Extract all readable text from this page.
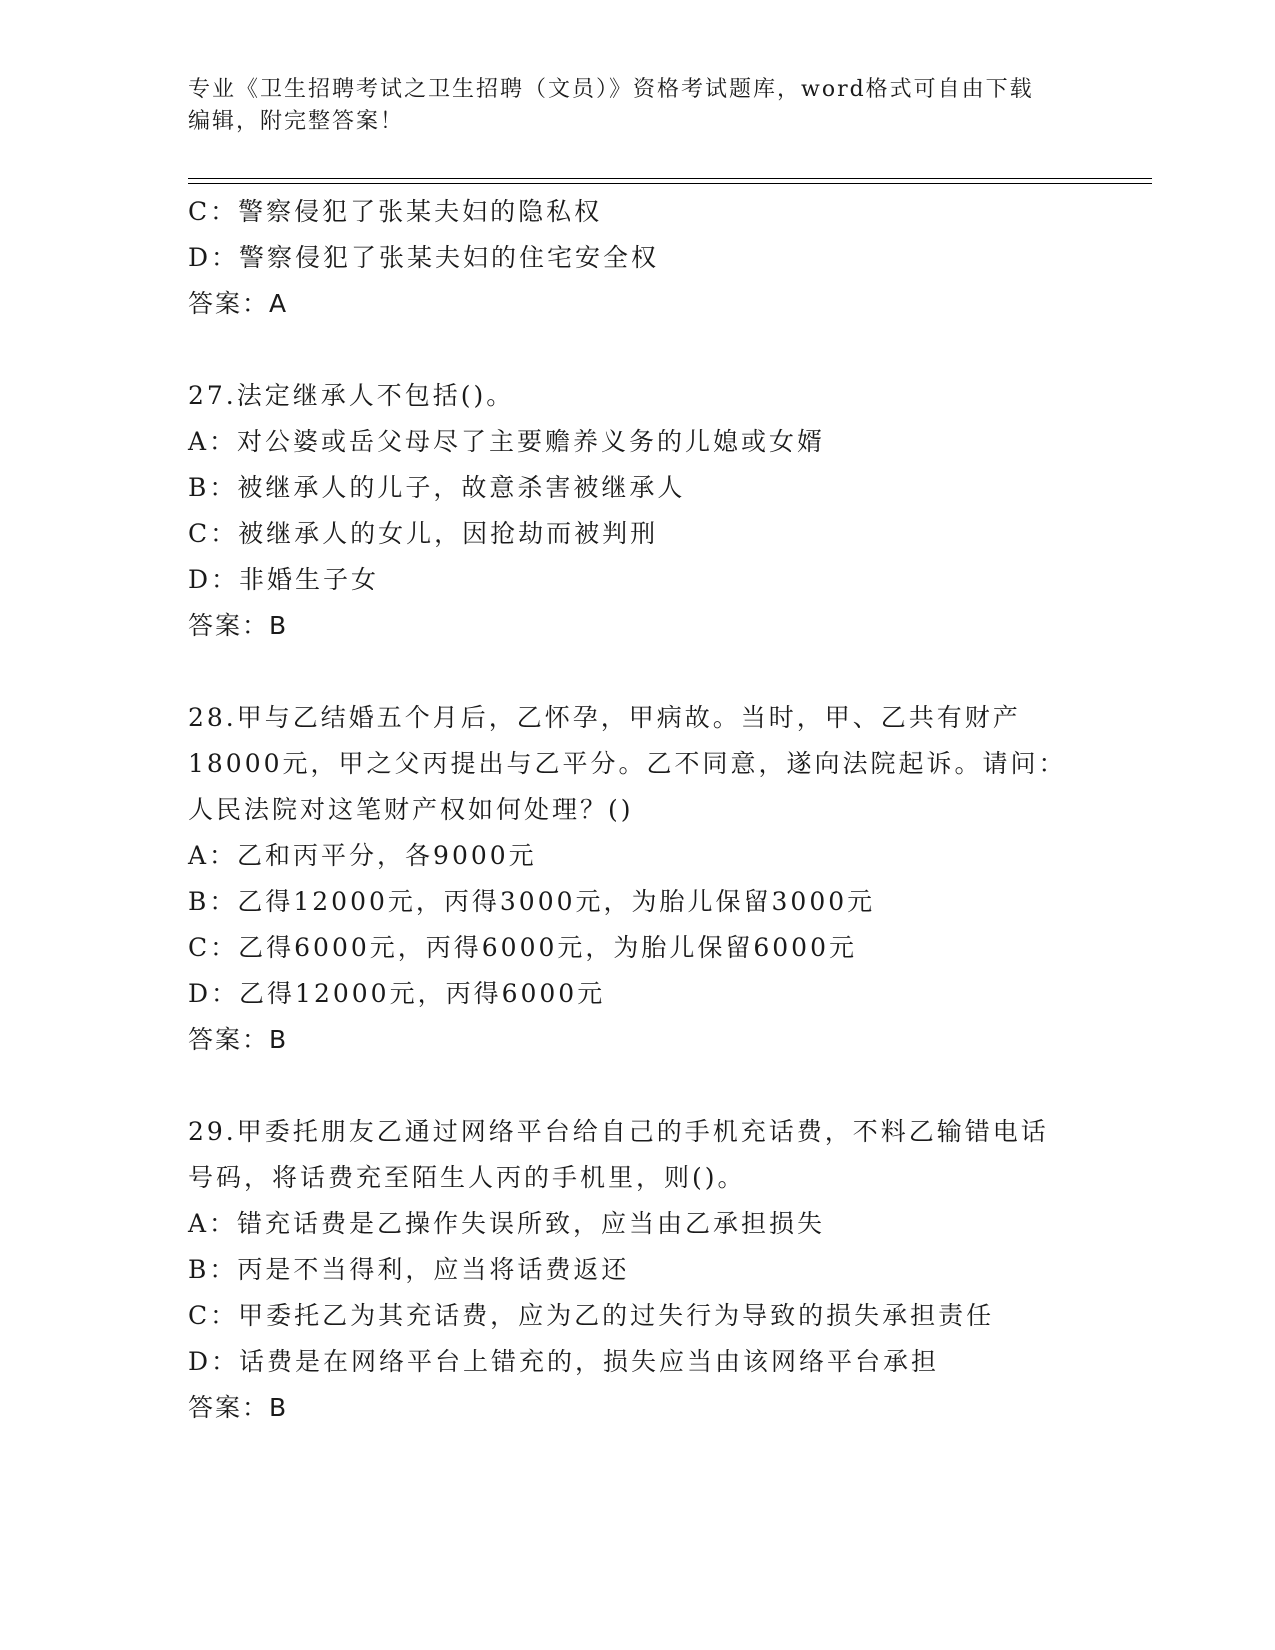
专业《卫生招聘考试之卫生招聘（文员）》资格考试题库，word格式可自由下载
编辑，附完整答案！
C：警察侵犯了张某夫妇的隐私权
D：警察侵犯了张某夫妇的住宅安全权
答案：A
27.法定继承人不包括()。
A：对公婆或岳父母尽了主要赡养义务的儿媳或女婿
B：被继承人的儿子，故意杀害被继承人
C：被继承人的女儿，因抢劫而被判刑
D：非婚生子女
答案：B
28.甲与乙结婚五个月后，乙怀孕，甲病故。当时，甲、乙共有财产
18000元，甲之父丙提出与乙平分。乙不同意，遂向法院起诉。请问：
人民法院对这笔财产权如何处理？()
A：乙和丙平分，各9000元
B：乙得12000元，丙得3000元，为胎儿保留3000元
C：乙得6000元，丙得6000元，为胎儿保留6000元
D：乙得12000元，丙得6000元
答案：B
29.甲委托朋友乙通过网络平台给自己的手机充话费，不料乙输错电话
号码，将话费充至陌生人丙的手机里，则()。
A：错充话费是乙操作失误所致，应当由乙承担损失
B：丙是不当得利，应当将话费返还
C：甲委托乙为其充话费，应为乙的过失行为导致的损失承担责任
D：话费是在网络平台上错充的，损失应当由该网络平台承担
答案：B
